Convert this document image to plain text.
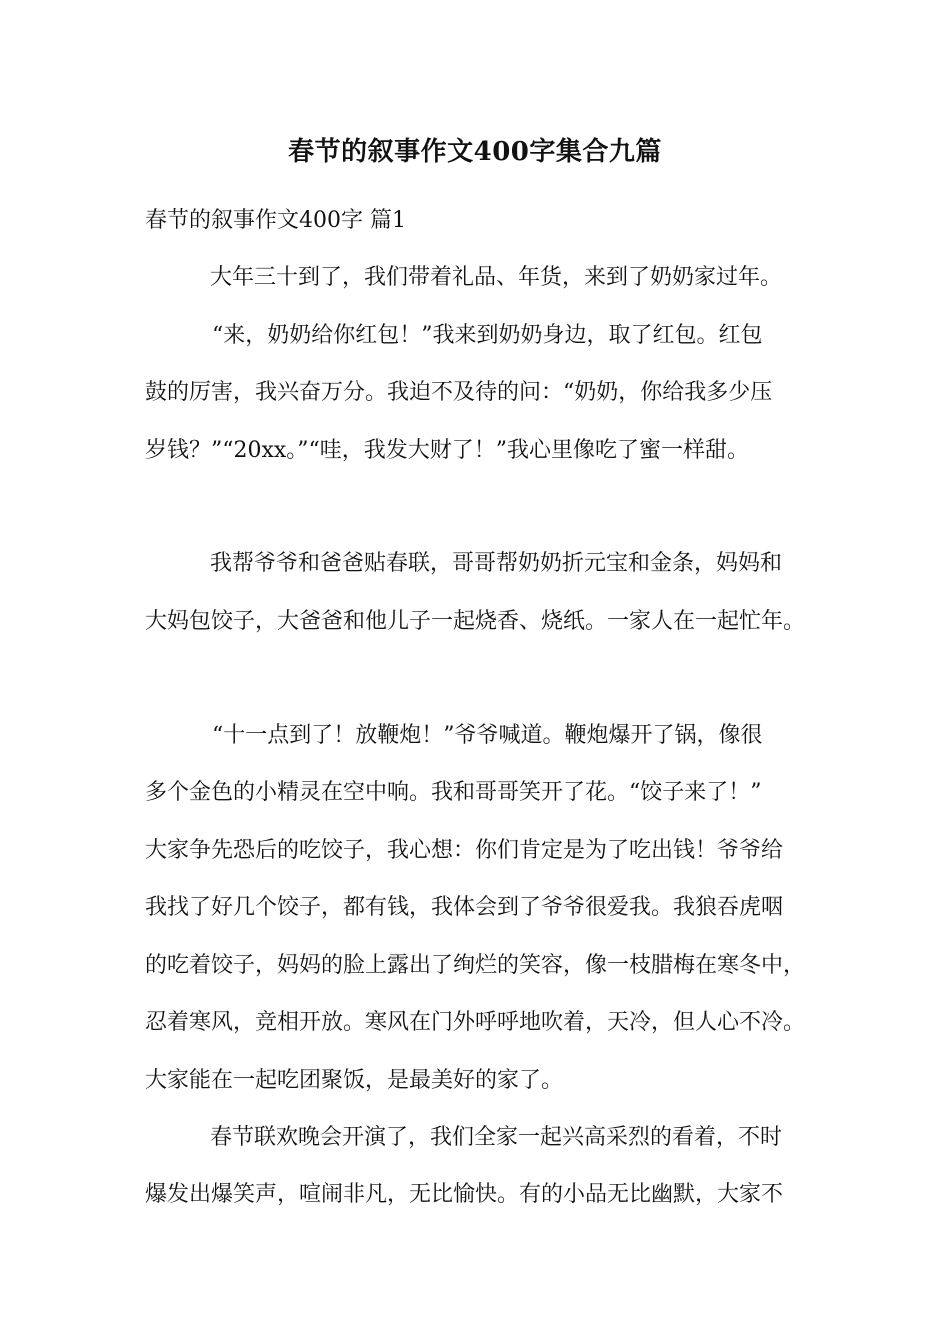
春节的叙事作文400字集合九篇

春节的叙事作文400字 篇1

大年三十到了，我们带着礼品、年货，来到了奶奶家过年。

“来，奶奶给你红包！”我来到奶奶身边，取了红包。红包

鼓的厉害，我兴奋万分。我迫不及待的问：“奶奶，你给我多少压

岁钱？”“20xx。”“哇，我发大财了！”我心里像吃了蜜一样甜。

我帮爷爷和爸爸贴春联，哥哥帮奶奶折元宝和金条，妈妈和

大妈包饺子，大爸爸和他儿子一起烧香、烧纸。一家人在一起忙年。

“十一点到了！放鞭炮！”爷爷喊道。鞭炮爆开了锅，像很

多个金色的小精灵在空中响。我和哥哥笑开了花。“饺子来了！”

大家争先恐后的吃饺子，我心想：你们肯定是为了吃出钱！爷爷给

我找了好几个饺子，都有钱，我体会到了爷爷很爱我。我狼吞虎咽

的吃着饺子，妈妈的脸上露出了绚烂的笑容，像一枝腊梅在寒冬中，

忍着寒风，竞相开放。寒风在门外呼呼地吹着，天冷，但人心不冷。

大家能在一起吃团聚饭，是最美好的家了。

春节联欢晚会开演了，我们全家一起兴高采烈的看着，不时

爆发出爆笑声，喧闹非凡，无比愉快。有的小品无比幽默，大家不
